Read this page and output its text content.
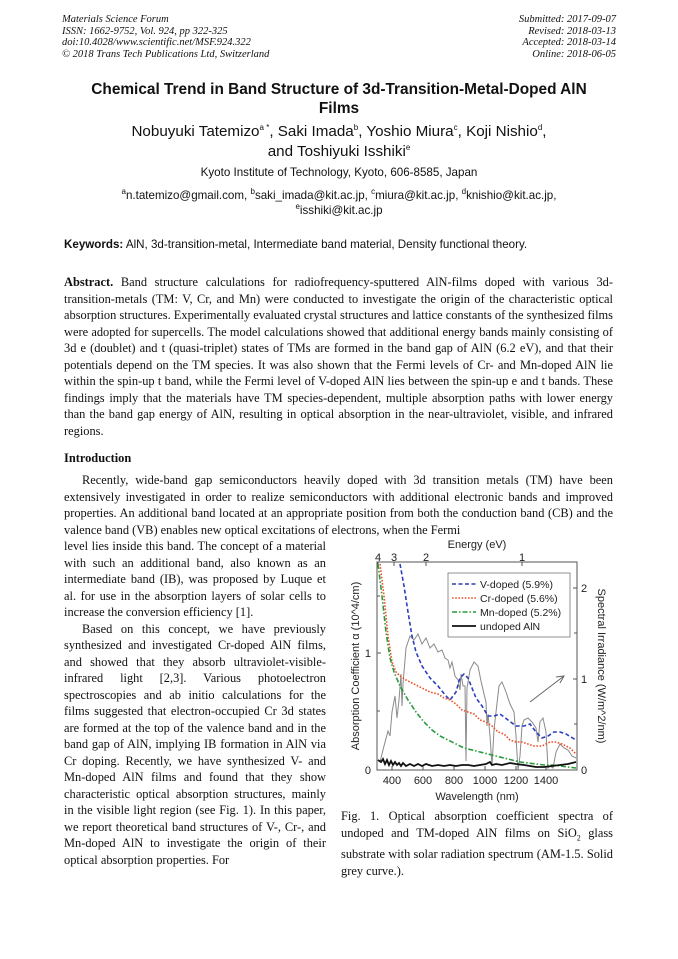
Materials Science Forum
ISSN: 1662-9752, Vol. 924, pp 322-325
doi:10.4028/www.scientific.net/MSF.924.322
© 2018 Trans Tech Publications Ltd, Switzerland
Submitted: 2017-09-07
Revised: 2018-03-13
Accepted: 2018-03-14
Online: 2018-06-05
Chemical Trend in Band Structure of 3d-Transition-Metal-Doped AlN
Films
Nobuyuki Tatemizo$^{a *}$, Saki Imada$^b$, Yoshio Miura$^c$, Koji Nishio$^d$,
and Toshiyuki Isshiki$^e$
Kyoto Institute of Technology, Kyoto, 606-8585, Japan
$^a$n.tatemizo@gmail.com, $^b$saki_imada@kit.ac.jp, $^c$miura@kit.ac.jp, $^d$knishio@kit.ac.jp,
$^e$isshiki@kit.ac.jp
Keywords: AlN, 3d-transition-metal, Intermediate band material, Density functional theory.
Abstract. Band structure calculations for radiofrequency-sputtered AlN-films doped with various 3d-transition-metals (TM: V, Cr, and Mn) were conducted to investigate the origin of the characteristic optical absorption structures. Experimentally evaluated crystal structures and lattice constants of the synthesized films were adopted for supercells. The model calculations showed that additional energy bands mainly consisting of 3d e (doublet) and t (quasi-triplet) states of TMs are formed in the band gap of AlN (6.2 eV), and that their potentials depend on the TM species. It was also shown that the Fermi levels of Cr- and Mn-doped AlN lie within the spin-up t band, while the Fermi level of V-doped AlN lies between the spin-up e and t bands. These findings imply that the materials have TM species-dependent, multiple absorption paths with lower energy than the band gap energy of AlN, resulting in optical absorption in the near-ultraviolet, visible, and infrared regions.
Introduction
Recently, wide-band gap semiconductors heavily doped with 3d transition metals (TM) have been extensively investigated in order to realize semiconductors with additional electronic bands and improved properties. An additional band located at an appropriate position from both the conduction band (CB) and the valence band (VB) enables new optical excitations of electrons, when the Fermi

level lies inside this band. The concept of a material with such an additional band, also known as an intermediate band (IB), was proposed by Luque et al. for use in the absorption layers of solar cells to increase the conversion efficiency [1].

Based on this concept, we have previously synthesized and investigated Cr-doped AlN films, and showed that they absorb ultraviolet-visible-infrared light [2,3]. Various photoelectron spectroscopies and ab initio calculations for the films suggested that electron-occupied Cr 3d states are formed at the top of the valence band and in the band gap of AlN, implying IB formation in AlN via Cr doping. Recently, we have synthesized V- and Mn-doped AlN films and found that they show characteristic optical absorption structures, mainly in the visible light region (see Fig. 1). In this paper, we report theoretical band structures of V-, Cr-, and Mn-doped AlN to investigate the origin of their optical absorption properties. For

Energy (eV)
4 3 2	1
V-doped (5.9%)
Cr-doped (5.6%)
Mn-doped (5.2%)
undoped AlN
0
1
Absorption Coefficient α (10^4/cm)
0
1
2 Spectral Irradiance (W/m^2/nm)
400 600 800 1000 1200 1400
Wavelength (nm)
Fig. 1. Optical absorption coefficient spectra of undoped and TM-doped AlN films on SiO$_2$ glass substrate with solar radiation spectrum (AM-1.5. Solid grey curve.).
